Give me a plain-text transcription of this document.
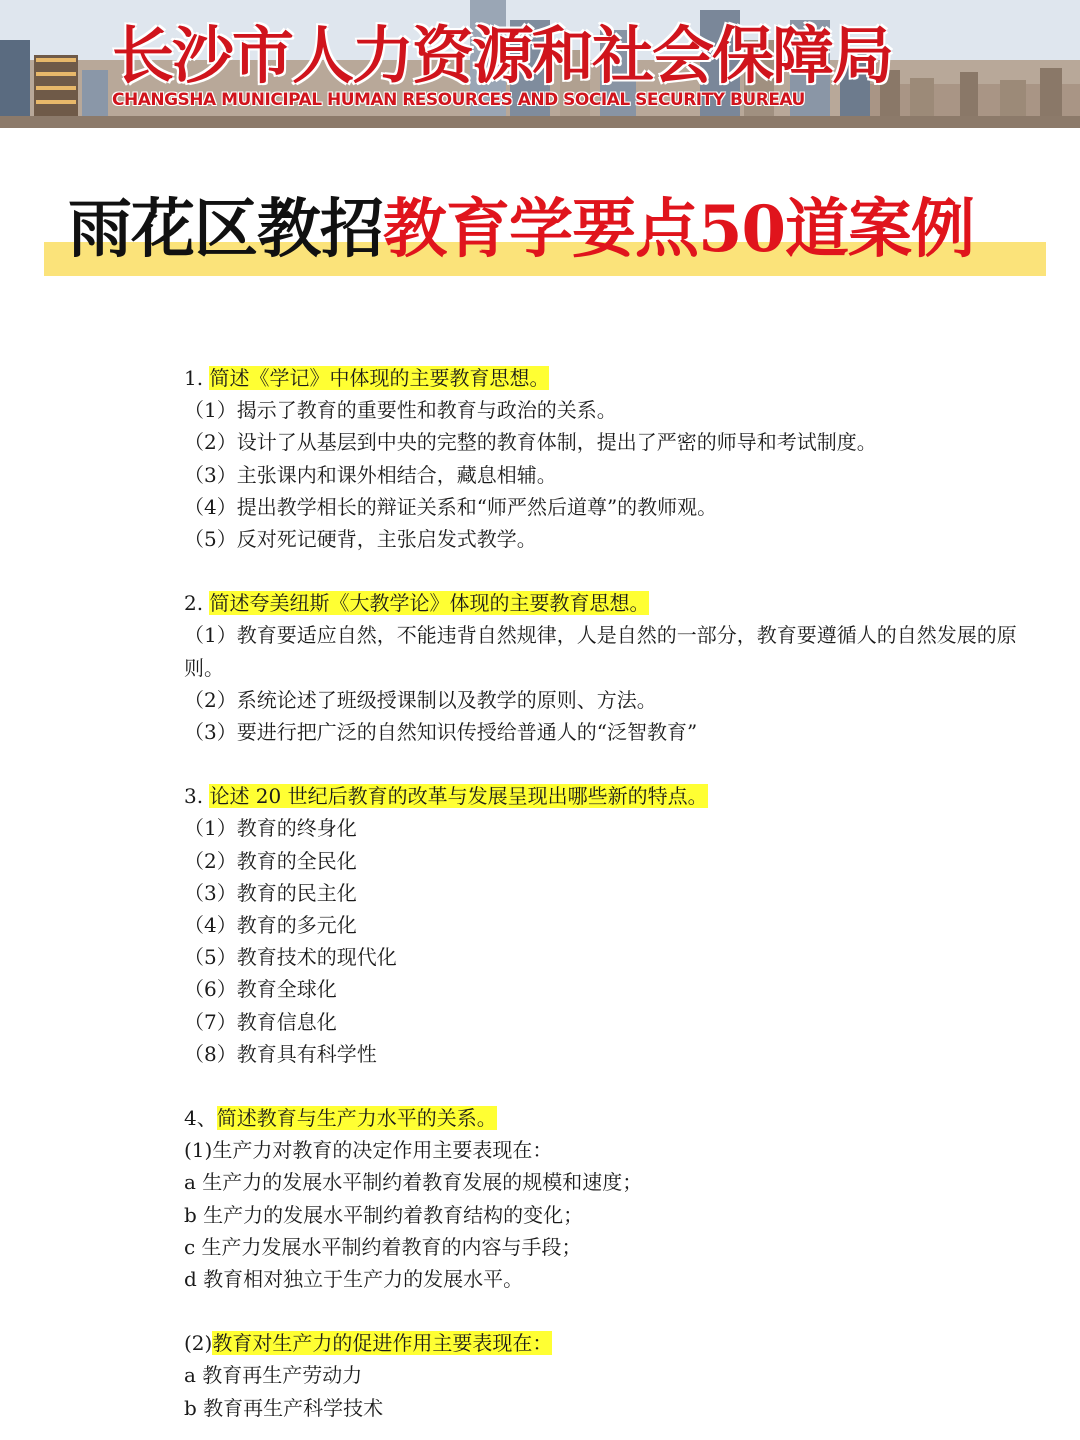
长沙市人力资源和社会保障局
CHANGSHA MUNICIPAL HUMAN RESOURCES AND SOCIAL SECURITY BUREAU
雨花区教招教育学要点50道案例
1. 简述《学记》中体现的主要教育思想。
（1）揭示了教育的重要性和教育与政治的关系。
（2）设计了从基层到中央的完整的教育体制，提出了严密的师导和考试制度。
（3）主张课内和课外相结合，藏息相辅。
（4）提出教学相长的辩证关系和“师严然后道尊”的教师观。
（5）反对死记硬背，主张启发式教学。
2. 简述夸美纽斯《大教学论》体现的主要教育思想。
（1）教育要适应自然，不能违背自然规律，人是自然的一部分，教育要遵循人的自然发展的原则。
（2）系统论述了班级授课制以及教学的原则、方法。
（3）要进行把广泛的自然知识传授给普通人的“泛智教育”
3. 论述 20 世纪后教育的改革与发展呈现出哪些新的特点。
（1）教育的终身化
（2）教育的全民化
（3）教育的民主化
（4）教育的多元化
（5）教育技术的现代化
（6）教育全球化
（7）教育信息化
（8）教育具有科学性
4、简述教育与生产力水平的关系。
(1)生产力对教育的决定作用主要表现在：
a 生产力的发展水平制约着教育发展的规模和速度；
b 生产力的发展水平制约着教育结构的变化；
c 生产力发展水平制约着教育的内容与手段；
d 教育相对独立于生产力的发展水平。
(2)教育对生产力的促进作用主要表现在：
a 教育再生产劳动力
b 教育再生产科学技术
